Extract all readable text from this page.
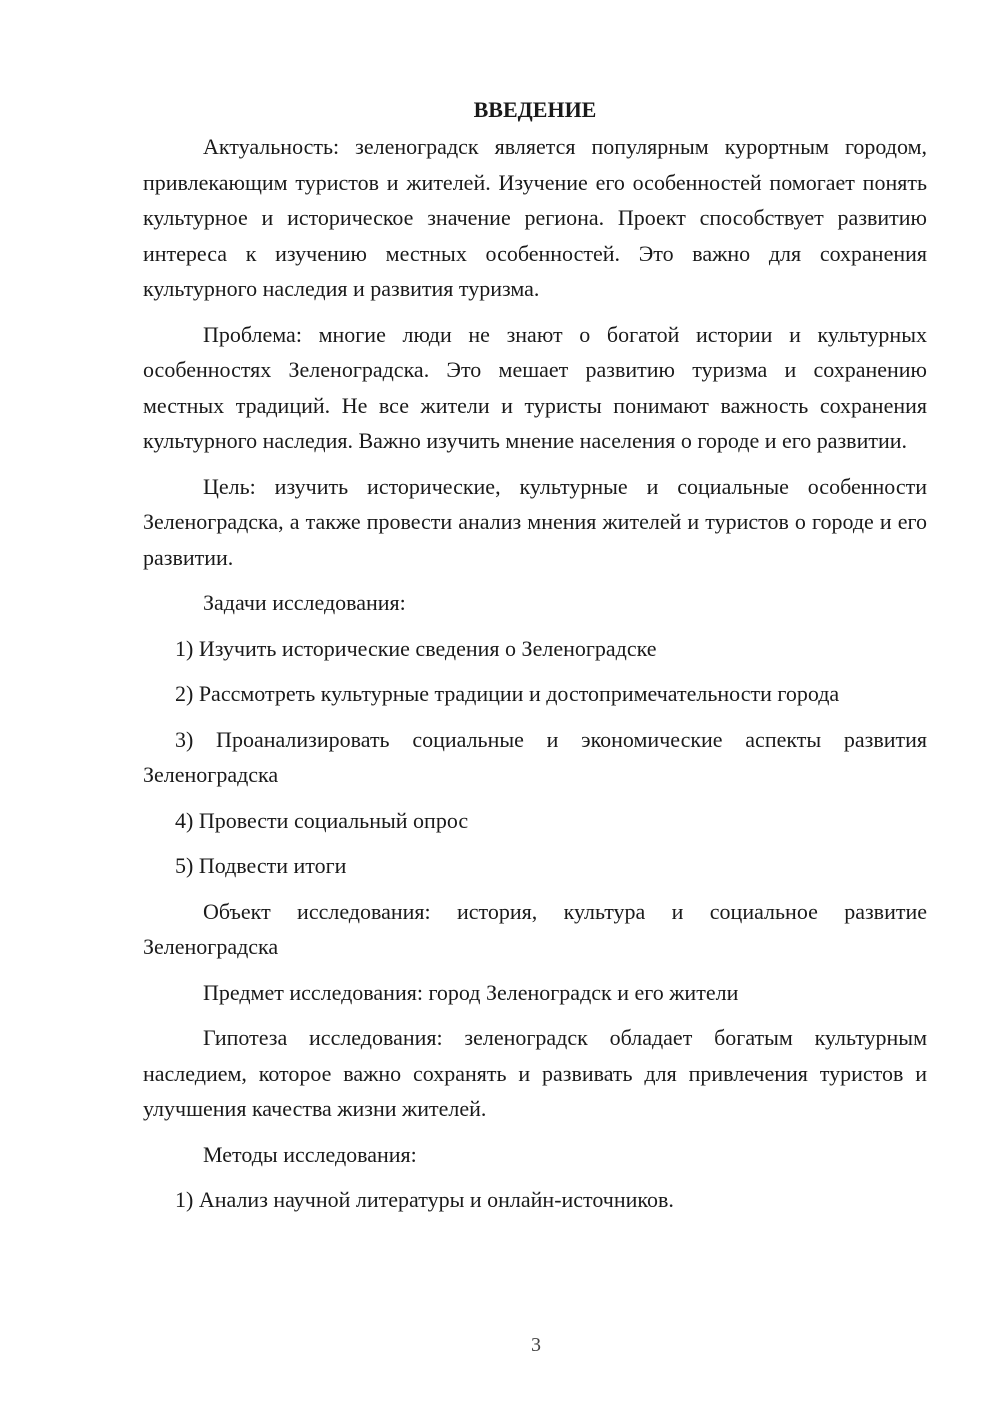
ВВЕДЕНИЕ

Актуальность: зеленоградск является популярным курортным городом, привлекающим туристов и жителей. Изучение его особенностей помогает понять культурное и историческое значение региона. Проект способствует развитию интереса к изучению местных особенностей. Это важно для сохранения культурного наследия и развития туризма.

Проблема: многие люди не знают о богатой истории и культурных особенностях Зеленоградска. Это мешает развитию туризма и сохранению местных традиций. Не все жители и туристы понимают важность сохранения культурного наследия. Важно изучить мнение населения о городе и его развитии.

Цель: изучить исторические, культурные и социальные особенности Зеленоградска, а также провести анализ мнения жителей и туристов о городе и его развитии.

Задачи исследования:

1) Изучить исторические сведения о Зеленоградске

2) Рассмотреть культурные традиции и достопримечательности города

3) Проанализировать социальные и экономические аспекты развития Зеленоградска

4) Провести социальный опрос

5) Подвести итоги

Объект исследования: история, культура и социальное развитие Зеленоградска

Предмет исследования: город Зеленоградск и его жители

Гипотеза исследования: зеленоградск обладает богатым культурным наследием, которое важно сохранять и развивать для привлечения туристов и улучшения качества жизни жителей.

Методы исследования:

1) Анализ научной литературы и онлайн-источников.

3
